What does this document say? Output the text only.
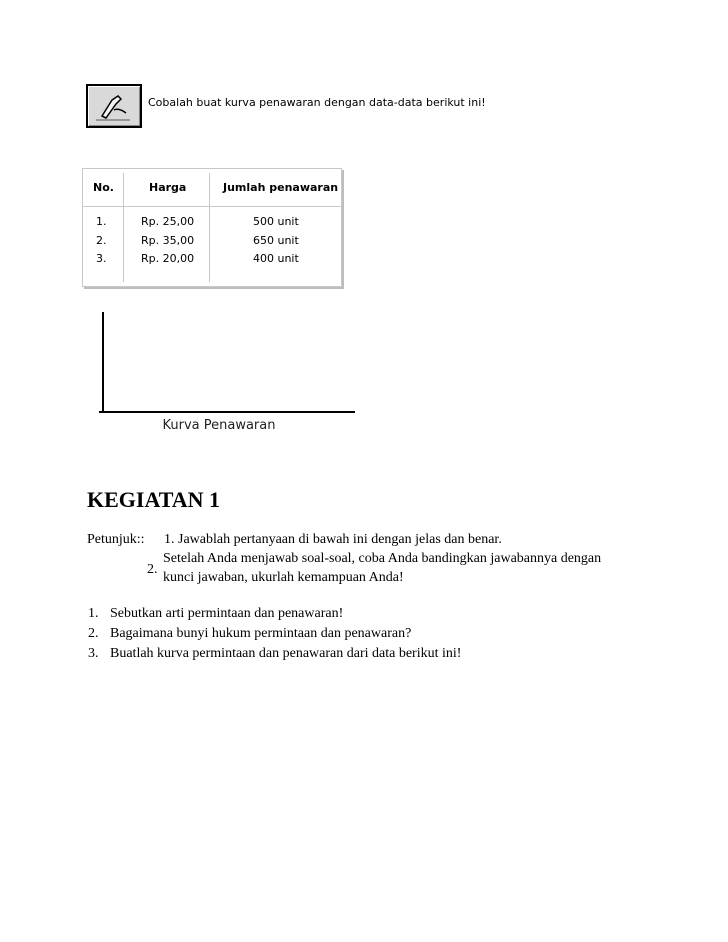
Cobalah buat kurva penawaran dengan data-data berikut ini!
No.	Harga	Jumlah penawaran
1.	Rp. 25,00	500 unit
2.	Rp. 35,00	650 unit
3.	Rp. 20,00	400 unit
Kurva Penawaran
KEGIATAN 1
Petunjuk:: 1. Jawablah pertanyaan di bawah ini dengan jelas dan benar.
2.
Setelah Anda menjawab soal-soal, coba Anda bandingkan jawabannya dengan
kunci jawaban, ukurlah kemampuan Anda!
1. Sebutkan arti permintaan dan penawaran!
2. Bagaimana bunyi hukum permintaan dan penawaran?
3. Buatlah kurva permintaan dan penawaran dari data berikut ini!
